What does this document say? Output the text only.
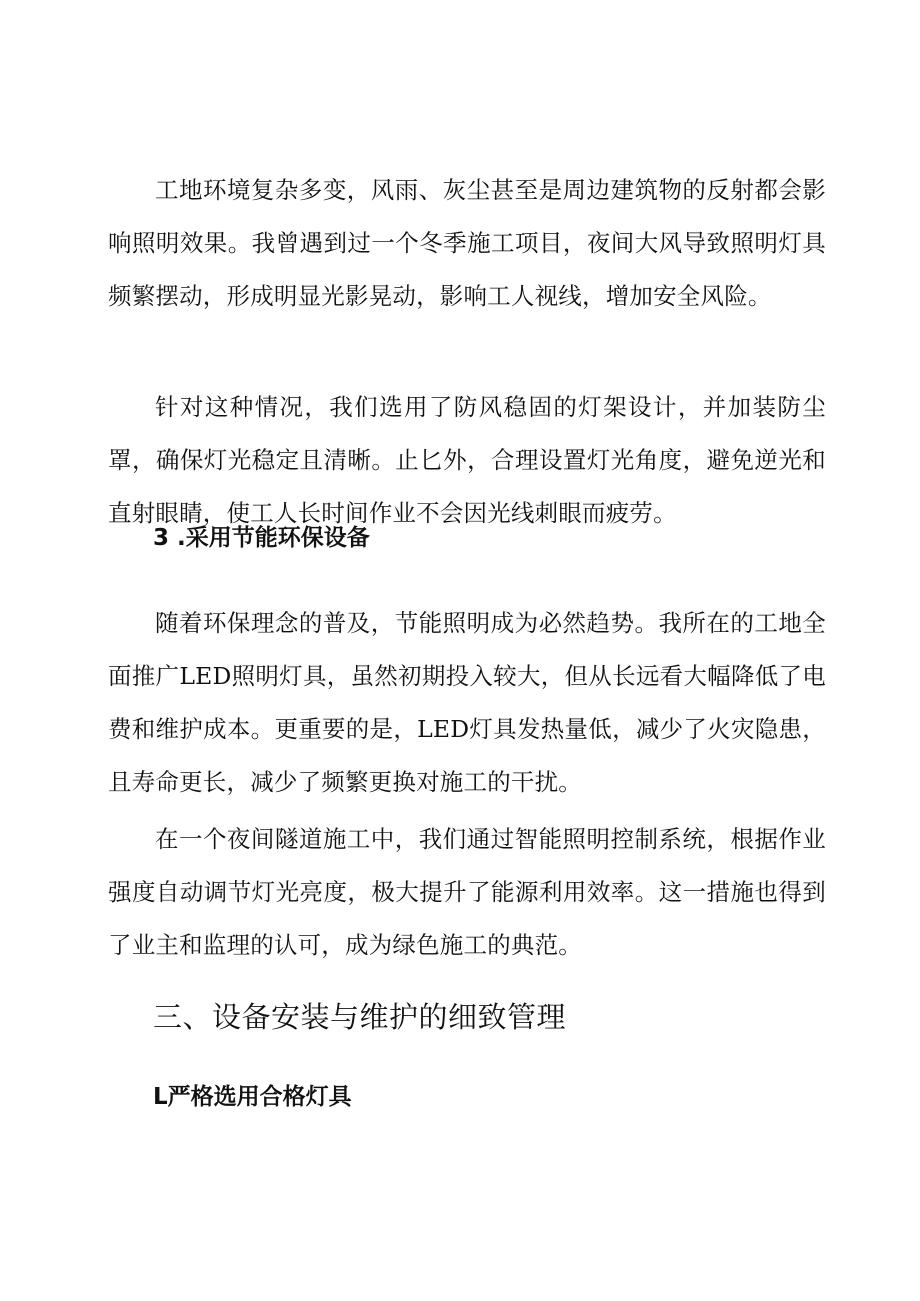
工地环境复杂多变，风雨、灰尘甚至是周边建筑物的反射都会影响照明效果。我曾遇到过一个冬季施工项目，夜间大风导致照明灯具频繁摆动，形成明显光影晃动，影响工人视线，增加安全风险。

针对这种情况，我们选用了防风稳固的灯架设计，并加装防尘罩，确保灯光稳定且清晰。止匕外，合理设置灯光角度，避免逆光和直射眼睛，使工人长时间作业不会因光线刺眼而疲劳。

3 .采用节能环保设备

随着环保理念的普及，节能照明成为必然趋势。我所在的工地全面推广LED照明灯具，虽然初期投入较大，但从长远看大幅降低了电费和维护成本。更重要的是，LED灯具发热量低，减少了火灾隐患，且寿命更长，减少了频繁更换对施工的干扰。

在一个夜间隧道施工中，我们通过智能照明控制系统，根据作业强度自动调节灯光亮度，极大提升了能源利用效率。这一措施也得到了业主和监理的认可，成为绿色施工的典范。

三、设备安装与维护的细致管理
L严格选用合格灯具
